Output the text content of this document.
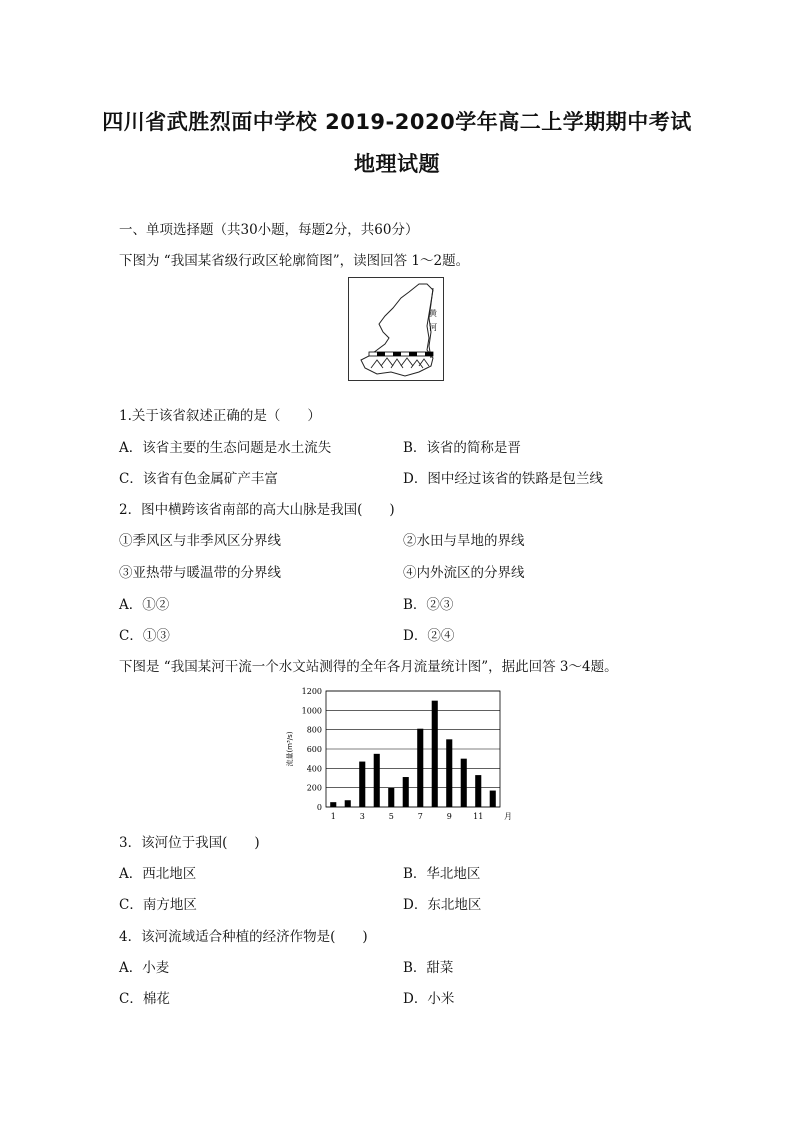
四川省武胜烈面中学校 2019-2020学年高二上学期期中考试
地理试题
一、单项选择题（共30小题，每题2分，共60分）
下图为 “我国某省级行政区轮廓简图”，读图回答 1～2题。
黄
河
1.关于该省叙述正确的是（　　）
A．该省主要的生态问题是水土流失	B．该省的简称是晋
C．该省有色金属矿产丰富	D．图中经过该省的铁路是包兰线
2．图中横跨该省南部的高大山脉是我国(　　)
①季风区与非季风区分界线	②水田与旱地的界线
③亚热带与暖温带的分界线	④内外流区的分界线
A．①②	B．②③
C．①③	D．②④
下图是 “我国某河干流一个水文站测得的全年各月流量统计图”，据此回答 3～4题。
0
200
400
600
800
1000
1200
1	3	5	7	9	11	月
流量(m³/s)
3．该河位于我国(　　)
A．西北地区	B．华北地区
C．南方地区	D．东北地区
4．该河流域适合种植的经济作物是(　　)
A．小麦	B．甜菜
C．棉花	D．小米
